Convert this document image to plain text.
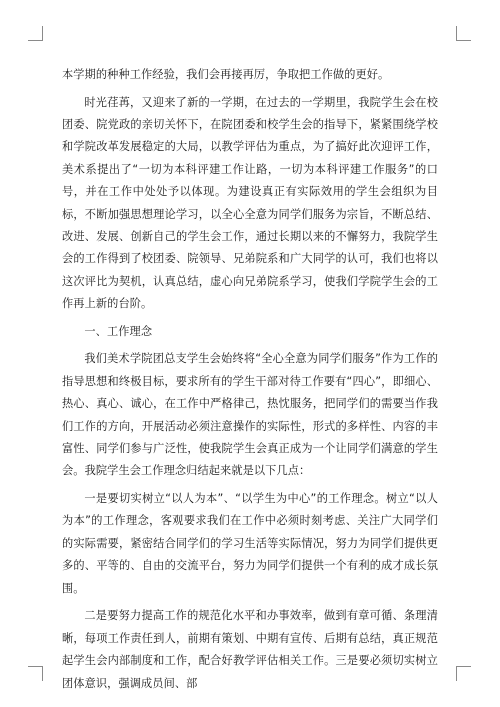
本学期的种种工作经验，我们会再接再厉，争取把工作做的更好。

时光荏苒，又迎来了新的一学期，在过去的一学期里，我院学生会在校团委、院党政的亲切关怀下，在院团委和校学生会的指导下，紧紧围绕学校和学院改革发展稳定的大局，以教学评估为重点，为了搞好此次迎评工作，美术系提出了“一切为本科评建工作让路，一切为本科评建工作服务”的口号，并在工作中处处予以体现。为建设真正有实际效用的学生会组织为目标，不断加强思想理论学习，以全心全意为同学们服务为宗旨，不断总结、改进、发展、创新自己的学生会工作，通过长期以来的不懈努力，我院学生会的工作得到了校团委、院领导、兄弟院系和广大同学的认可，我们也将以这次评比为契机，认真总结，虚心向兄弟院系学习，使我们学院学生会的工作再上新的台阶。

一、工作理念

我们美术学院团总支学生会始终将“全心全意为同学们服务”作为工作的指导思想和终极目标，要求所有的学生干部对待工作要有“四心”，即细心、热心、真心、诚心，在工作中严格律己，热忱服务，把同学们的需要当作我们工作的方向，开展活动必须注意操作的实际性，形式的多样性、内容的丰富性、同学们参与广泛性，使我院学生会真正成为一个让同学们满意的学生会。我院学生会工作理念归结起来就是以下几点：

一是要切实树立“以人为本”、“以学生为中心”的工作理念。树立“以人为本”的工作理念，客观要求我们在工作中必须时刻考虑、关注广大同学们的实际需要，紧密结合同学们的学习生活等实际情况，努力为同学们提供更多的、平等的、自由的交流平台，努力为同学们提供一个有利的成才成长氛围。

二是要努力提高工作的规范化水平和办事效率，做到有章可循、条理清晰，每项工作责任到人，前期有策划、中期有宣传、后期有总结，真正规范起学生会内部制度和工作，配合好教学评估相关工作。三是要必须切实树立团体意识，强调成员间、部
